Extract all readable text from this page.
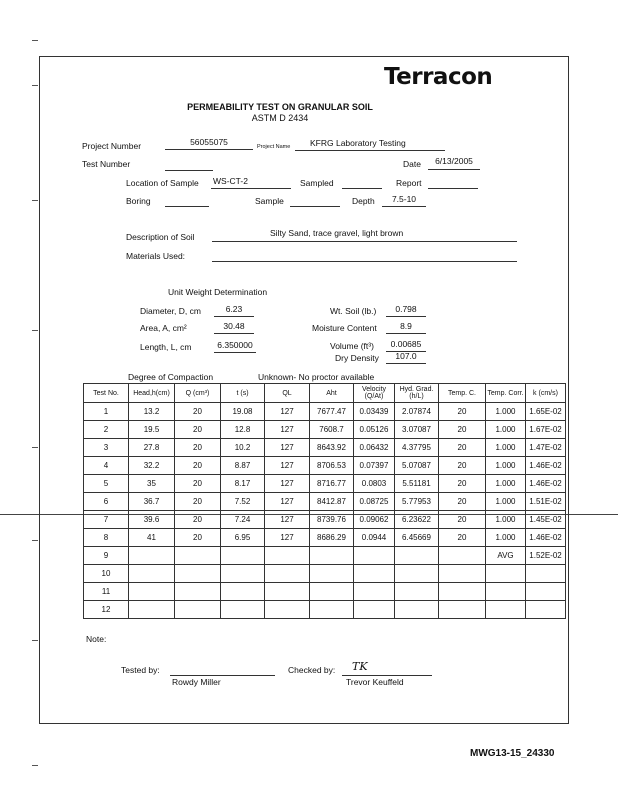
Terracon
PERMEABILITY TEST ON GRANULAR SOIL
ASTM D 2434
Project Number	56055075	Project Name KFRG Laboratory Testing
Test Number	Date	6/13/2005
Location of Sample WS-CT-2	Sampled	Report
Boring	Sample	Depth	7.5-10
Description of Soil	Silty Sand, trace gravel, light brown
Materials Used:
Unit Weight Determination
Diameter, D, cm	6.23
Area, A, cm²	30.48
Length, L, cm	6.350000
Wt. Soil (lb.)	0.798
Moisture Content	8.9
Volume (ft³)	0.00685
Dry Density	107.0
Degree of Compaction	Unknown- No proctor available
Test No.	Head,h(cm)	Q (cm³)	t (s)	QL	Aht	Velocity (Q/At)	Hyd. Grad. (h/L)	Temp. C.	Temp. Corr.	k (cm/s)
1	13.2	20	19.08	127	7677.47	0.03439	2.07874	20	1.000	1.65E-02
2	19.5	20	12.8	127	7608.7	0.05126	3.07087	20	1.000	1.67E-02
3	27.8	20	10.2	127	8643.92	0.06432	4.37795	20	1.000	1.47E-02
4	32.2	20	8.87	127	8706.53	0.07397	5.07087	20	1.000	1.46E-02
5	35	20	8.17	127	8716.77	0.0803	5.51181	20	1.000	1.46E-02
6	36.7	20	7.52	127	8412.87	0.08725	5.77953	20	1.000	1.51E-02
7	39.6	20	7.24	127	8739.76	0.09062	6.23622	20	1.000	1.45E-02
8	41	20	6.95	127	8686.29	0.0944	6.45669	20	1.000	1.46E-02
9									AVG	1.52E-02
10										
11										
12										
Note:
Tested by:
Rowdy Miller
Checked by: TK
Trevor Keuffeld
MWG13-15_24330
